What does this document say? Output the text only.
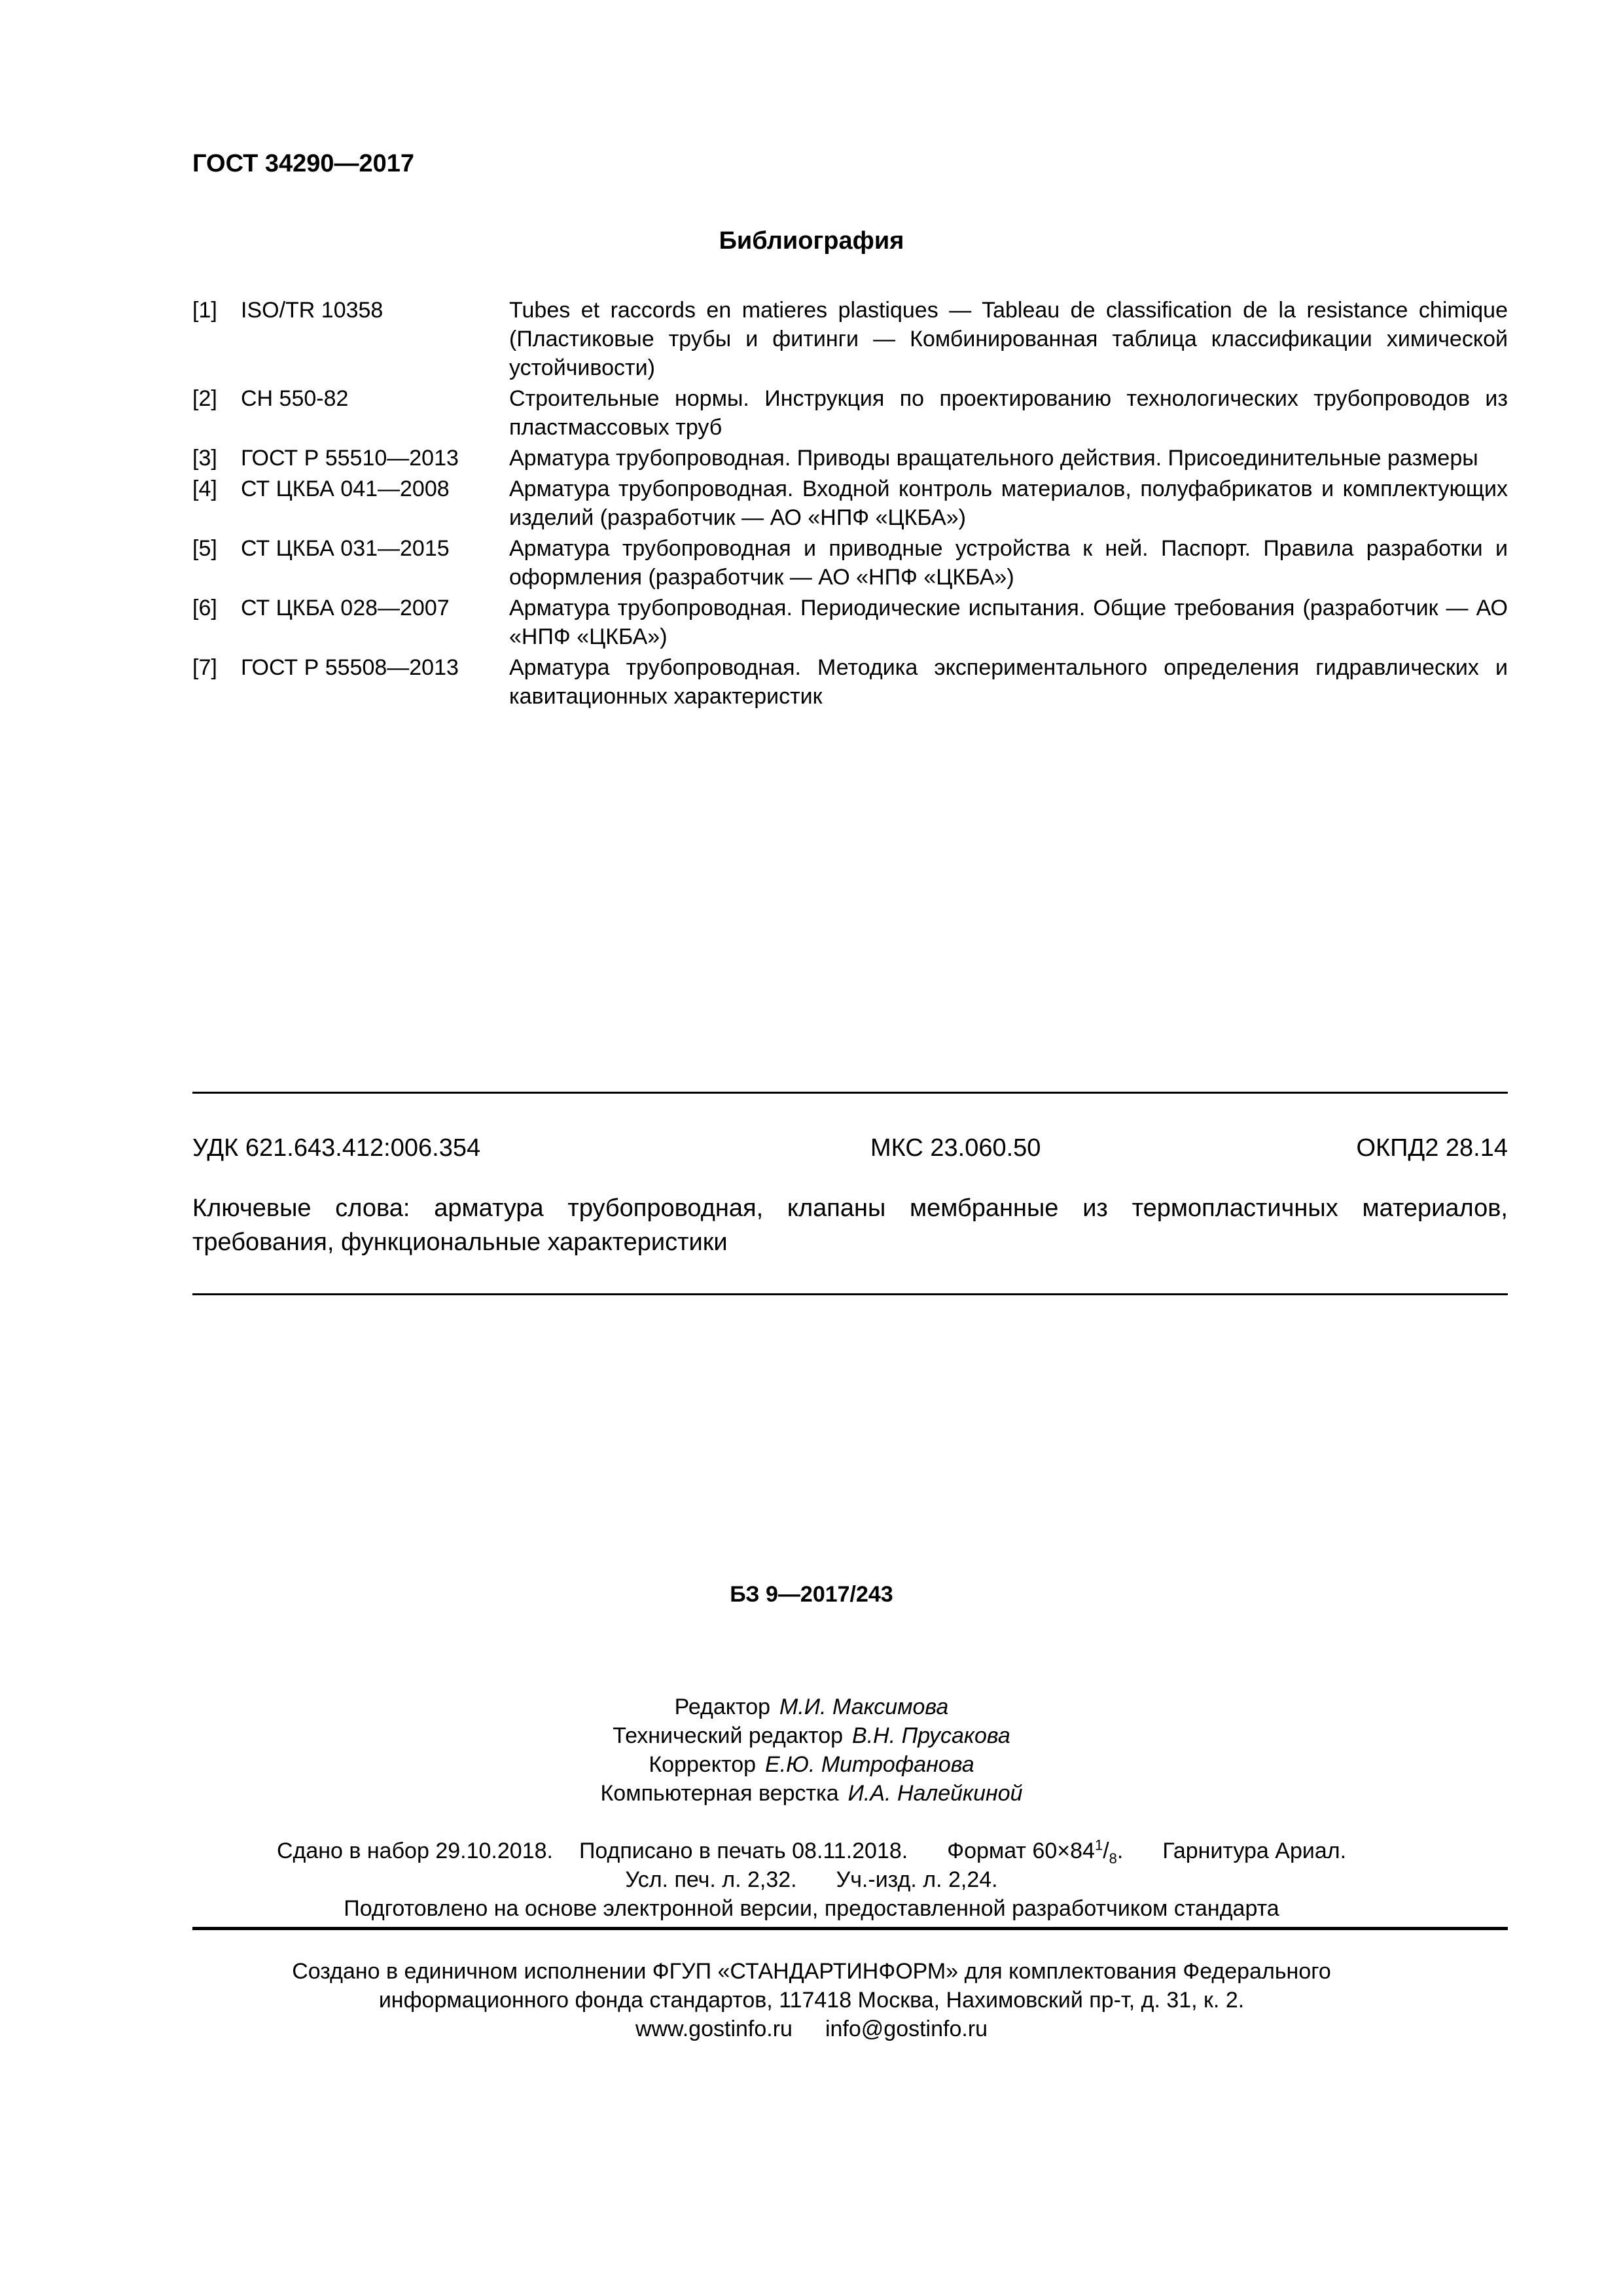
ГОСТ 34290—2017
Библиография
[1]	ISO/TR 10358	Tubes et raccords en matieres plastiques — Tableau de classification de la resistance chimique (Пластиковые трубы и фитинги — Комбинированная таблица классификации химической устойчивости)
[2]	СН 550-82	Строительные нормы. Инструкция по проектированию технологических трубопроводов из пластмассовых труб
[3]	ГОСТ Р 55510—2013	Арматура трубопроводная. Приводы вращательного действия. Присоединительные размеры
[4]	СТ ЦКБА 041—2008	Арматура трубопроводная. Входной контроль материалов, полуфабрикатов и комплектующих изделий (разработчик — АО «НПФ «ЦКБА»)
[5]	СТ ЦКБА 031—2015	Арматура трубопроводная и приводные устройства к ней. Паспорт. Правила разработки и оформления (разработчик — АО «НПФ «ЦКБА»)
[6]	СТ ЦКБА 028—2007	Арматура трубопроводная. Периодические испытания. Общие требования (разработчик — АО «НПФ «ЦКБА»)
[7]	ГОСТ Р 55508—2013	Арматура трубопроводная. Методика экспериментального определения гидравлических и кавитационных характеристик
УДК 621.643.412:006.354	МКС 23.060.50	ОКПД2 28.14
Ключевые слова: арматура трубопроводная, клапаны мембранные из термопластичных материалов, требования, функциональные характеристики
БЗ 9—2017/243
Редактор М.И. Максимова
Технический редактор В.Н. Прусакова
Корректор Е.Ю. Митрофанова
Компьютерная верстка И.А. Налейкиной
Сдано в набор 29.10.2018. Подписано в печать 08.11.2018. Формат $60\times 84^1/_8$. Гарнитура Ариал.
Усл. печ. л. 2,32. Уч.-изд. л. 2,24.
Подготовлено на основе электронной версии, предоставленной разработчиком стандарта
Создано в единичном исполнении ФГУП «СТАНДАРТИНФОРМ» для комплектования Федерального
информационного фонда стандартов, 117418 Москва, Нахимовский пр-т, д. 31, к. 2.
www.gostinfo.ru info@gostinfo.ru
